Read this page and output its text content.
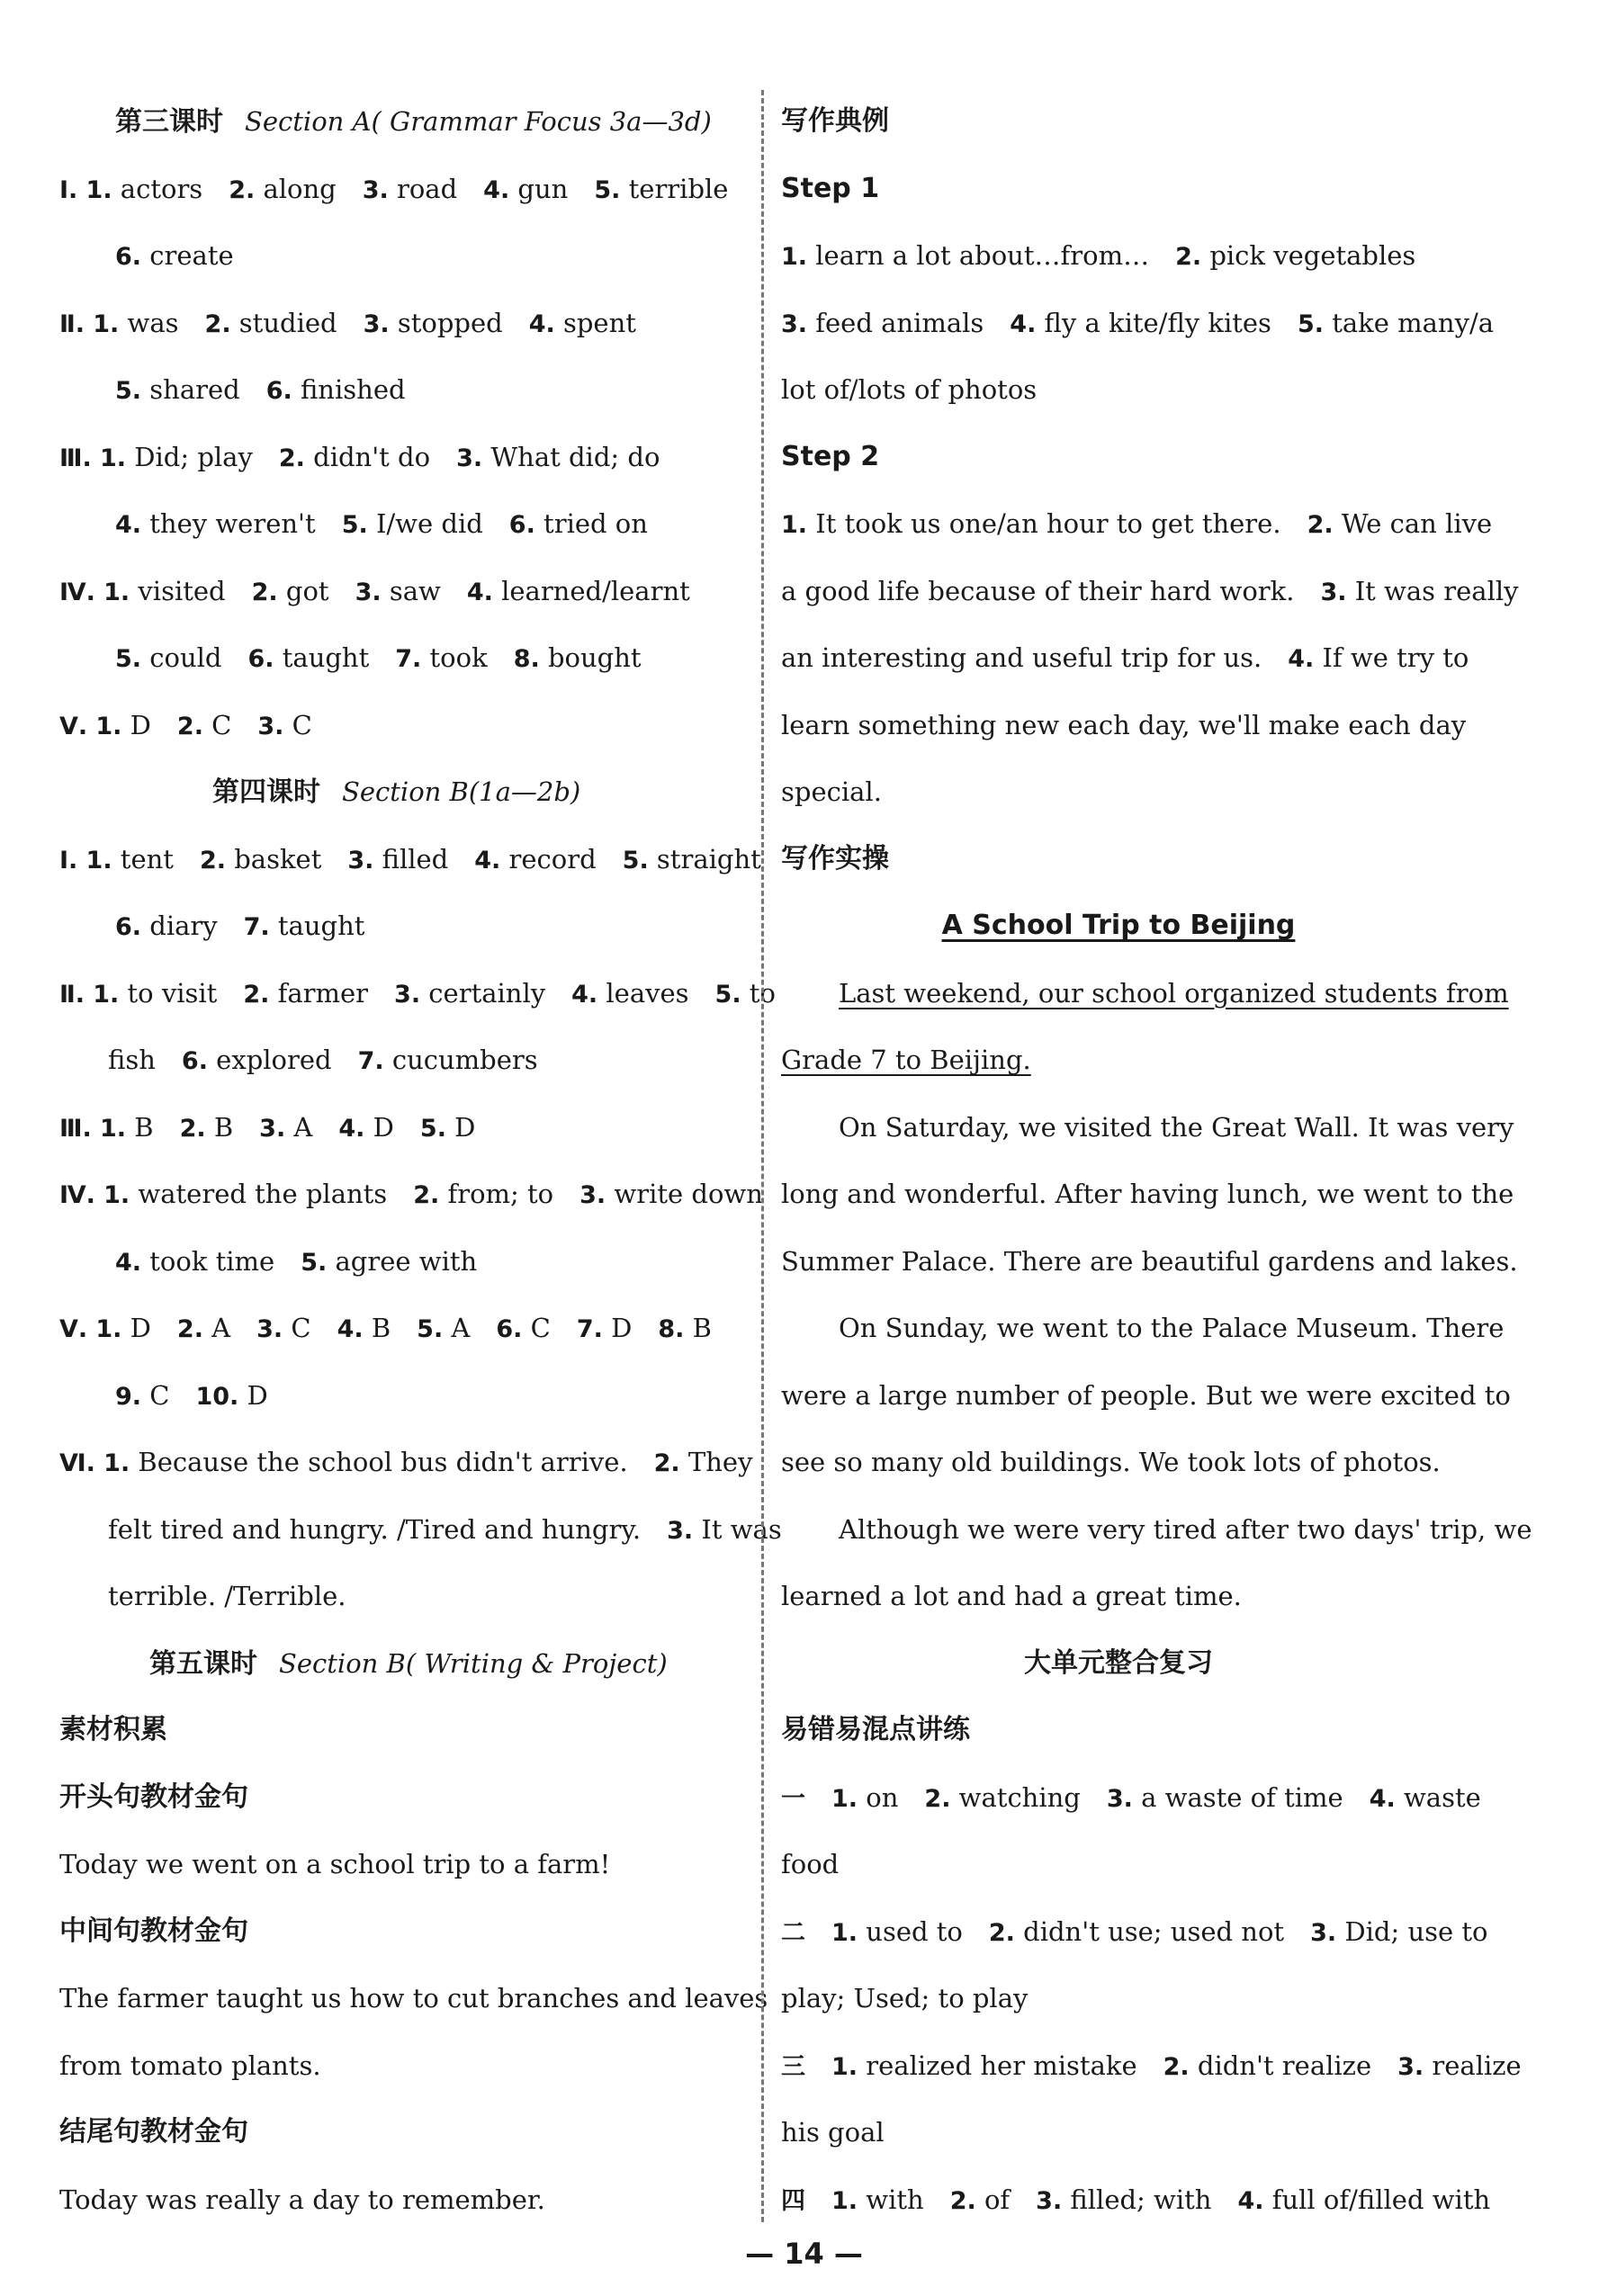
第三课时 Section A( Grammar Focus 3a—3d)
Ⅰ. 1. actors 2. along 3. road 4. gun 5. terrible
6. create
Ⅱ. 1. was 2. studied 3. stopped 4. spent
5. shared 6. finished
Ⅲ. 1. Did; play 2. didn't do 3. What did; do
4. they weren't 5. I/we did 6. tried on
Ⅳ. 1. visited 2. got 3. saw 4. learned/learnt
5. could 6. taught 7. took 8. bought
Ⅴ. 1. D 2. C 3. C
第四课时 Section B(1a—2b)
Ⅰ. 1. tent 2. basket 3. filled 4. record 5. straight
6. diary 7. taught
Ⅱ. 1. to visit 2. farmer 3. certainly 4. leaves 5. to
fish 6. explored 7. cucumbers
Ⅲ. 1. B 2. B 3. A 4. D 5. D
Ⅳ. 1. watered the plants 2. from; to 3. write down
4. took time 5. agree with
Ⅴ. 1. D 2. A 3. C 4. B 5. A 6. C 7. D 8. B
9. C 10. D
Ⅵ. 1. Because the school bus didn't arrive. 2. They
felt tired and hungry. /Tired and hungry. 3. It was
terrible. /Terrible.
第五课时 Section B( Writing & Project)
素材积累
开头句教材金句
Today we went on a school trip to a farm!
中间句教材金句
The farmer taught us how to cut branches and leaves
from tomato plants.
结尾句教材金句
Today was really a day to remember.
写作典例
Step 1
1. learn a lot about…from… 2. pick vegetables
3. feed animals 4. fly a kite/fly kites 5. take many/a
lot of/lots of photos
Step 2
1. It took us one/an hour to get there. 2. We can live
a good life because of their hard work. 3. It was really
an interesting and useful trip for us. 4. If we try to
learn something new each day, we'll make each day
special.
写作实操
A School Trip to Beijing
Last weekend, our school organized students from
Grade 7 to Beijing.
On Saturday, we visited the Great Wall. It was very
long and wonderful. After having lunch, we went to the
Summer Palace. There are beautiful gardens and lakes.
On Sunday, we went to the Palace Museum. There
were a large number of people. But we were excited to
see so many old buildings. We took lots of photos.
Although we were very tired after two days' trip, we
learned a lot and had a great time.
大单元整合复习
易错易混点讲练
一  1. on 2. watching 3. a waste of time 4. waste
food
二  1. used to 2. didn't use; used not 3. Did; use to
play; Used; to play
三  1. realized her mistake 2. didn't realize 3. realize
his goal
四  1. with 2. of 3. filled; with 4. full of/filled with
— 14 —
